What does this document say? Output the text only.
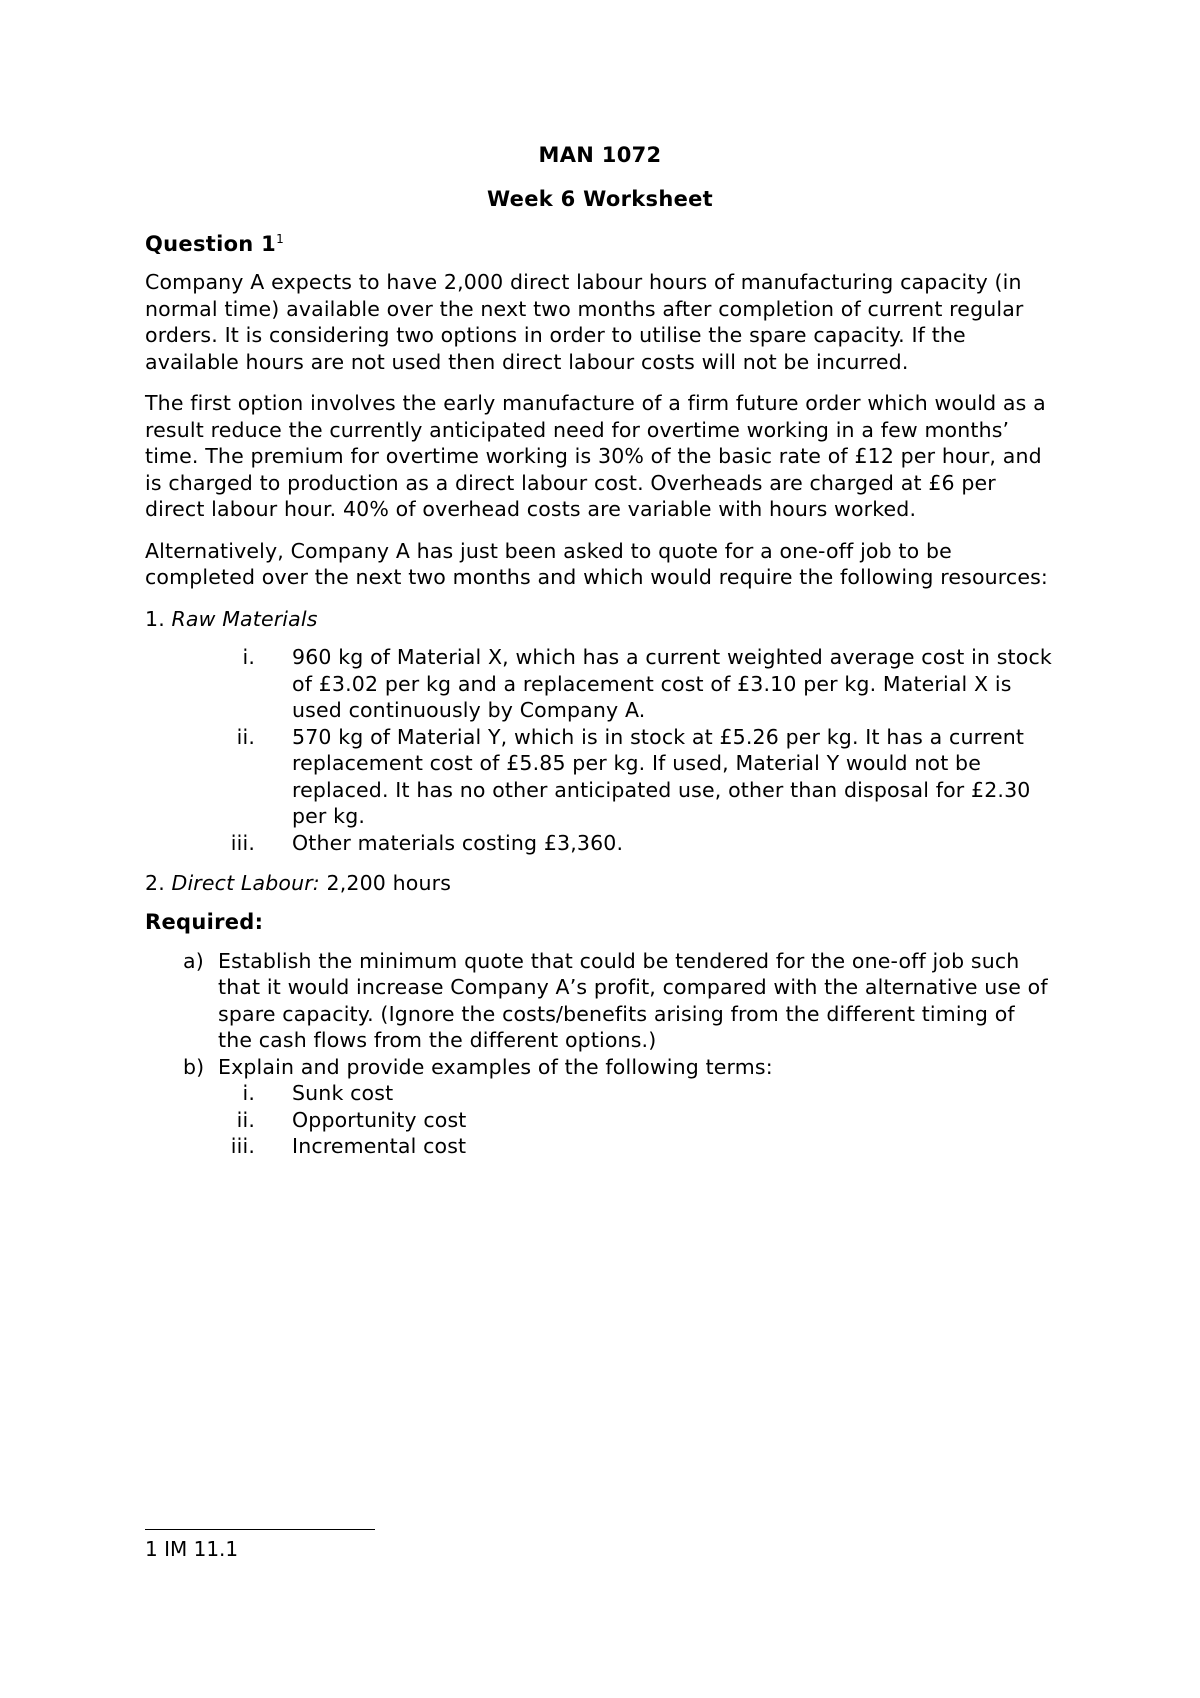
MAN 1072
Week 6 Worksheet
Question $1^1$

Company A expects to have 2,000 direct labour hours of manufacturing capacity (in normal time) available over the next two months after completion of current regular orders. It is considering two options in order to utilise the spare capacity. If the available hours are not used then direct labour costs will not be incurred.

The first option involves the early manufacture of a firm future order which would as a result reduce the currently anticipated need for overtime working in a few months’ time. The premium for overtime working is 30% of the basic rate of £12 per hour, and is charged to production as a direct labour cost. Overheads are charged at £6 per direct labour hour. 40% of overhead costs are variable with hours worked.

Alternatively, Company A has just been asked to quote for a one-off job to be completed over the next two months and which would require the following resources:

1. Raw Materials

i. 960 kg of Material X, which has a current weighted average cost in stock of £3.02 per kg and a replacement cost of £3.10 per kg. Material X is used continuously by Company A.
ii. 570 kg of Material Y, which is in stock at £5.26 per kg. It has a current replacement cost of £5.85 per kg. If used, Material Y would not be replaced. It has no other anticipated use, other than disposal for £2.30 per kg.
iii. Other materials costing £3,360.

2. Direct Labour: 2,200 hours

Required:
a) Establish the minimum quote that could be tendered for the one-off job such that it would increase Company A’s profit, compared with the alternative use of spare capacity. (Ignore the costs/benefits arising from the different timing of the cash flows from the different options.)
b) Explain and provide examples of the following terms:
i. Sunk cost
ii. Opportunity cost
iii. Incremental cost
1 IM 11.1
